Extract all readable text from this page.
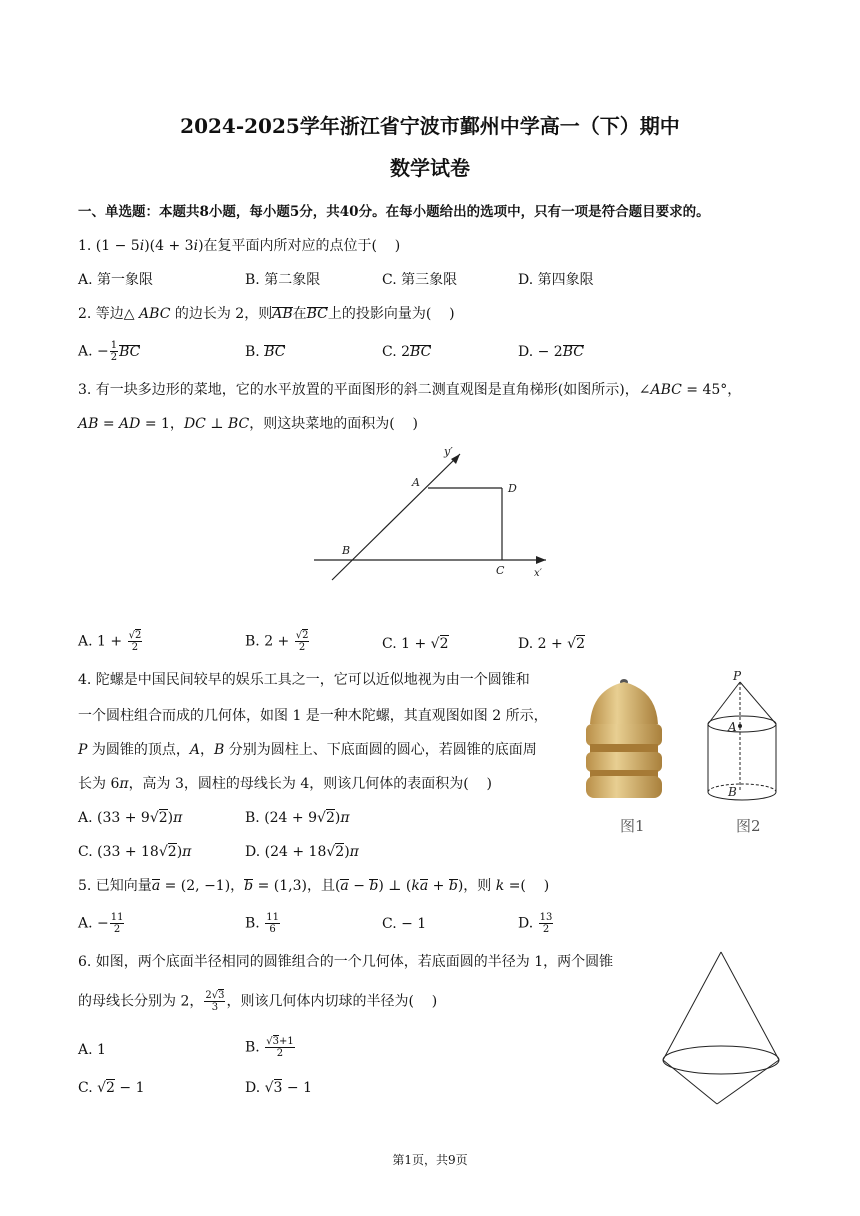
2024-2025学年浙江省宁波市鄞州中学高一（下）期中
数学试卷
一、单选题：本题共8小题，每小题5分，共40分。在每小题给出的选项中，只有一项是符合题目要求的。
1. (1 − 5i)(4 + 3i)在复平面内所对应的点位于(    )
A. 第一象限	B. 第二象限	C. 第三象限	D. 第四象限
2. 等边△ ABC 的边长为 2，则AB在BC上的投影向量为(    )
A. − $\frac{1}{2}$ BC	B. BC	C. 2BC	D. − 2BC
3. 有一块多边形的菜地，它的水平放置的平面图形的斜二测直观图是直角梯形(如图所示)，∠ABC = 45°，
AB = AD = 1，DC ⊥ BC，则这块菜地的面积为(    )
y′
A	D
B
C	x′
A. $1 + \frac{√2}{2}$	B. $2 + \frac{√2}{2}$	C. 1 + √2	D. 2 + √2
4. 陀螺是中国民间较早的娱乐工具之一，它可以近似地视为由一个圆锥和
一个圆柱组合而成的几何体，如图 1 是一种木陀螺，其直观图如图 2 所示，
P 为圆锥的顶点，A，B 分别为圆柱上、下底面圆的圆心，若圆锥的底面周
长为 6π，高为 3，圆柱的母线长为 4，则该几何体的表面积为(    )
A. (33 + 9√2)π	B. (24 + 9√2)π
C. (33 + 18√2)π	D. (24 + 18√2)π
P
A
B
图1	图2
5. 已知向量a = (2, −1)，b = (1,3)，且(a − b) ⊥ (ka + b)，则 k =(    )
A. − $\frac{11}{2}$	B. $\frac{11}{6}$	C. − 1	D. $\frac{13}{2}$
6. 如图，两个底面半径相同的圆锥组合的一个几何体，若底面圆的半径为 1，两个圆锥
的母线长分别为 2， $\frac{2√3}{3}$ ，则该几何体内切球的半径为(    )
A. 1	B. $\frac{√3+1}{2}$
C. √2 − 1	D. √3 − 1
第1页，共9页
